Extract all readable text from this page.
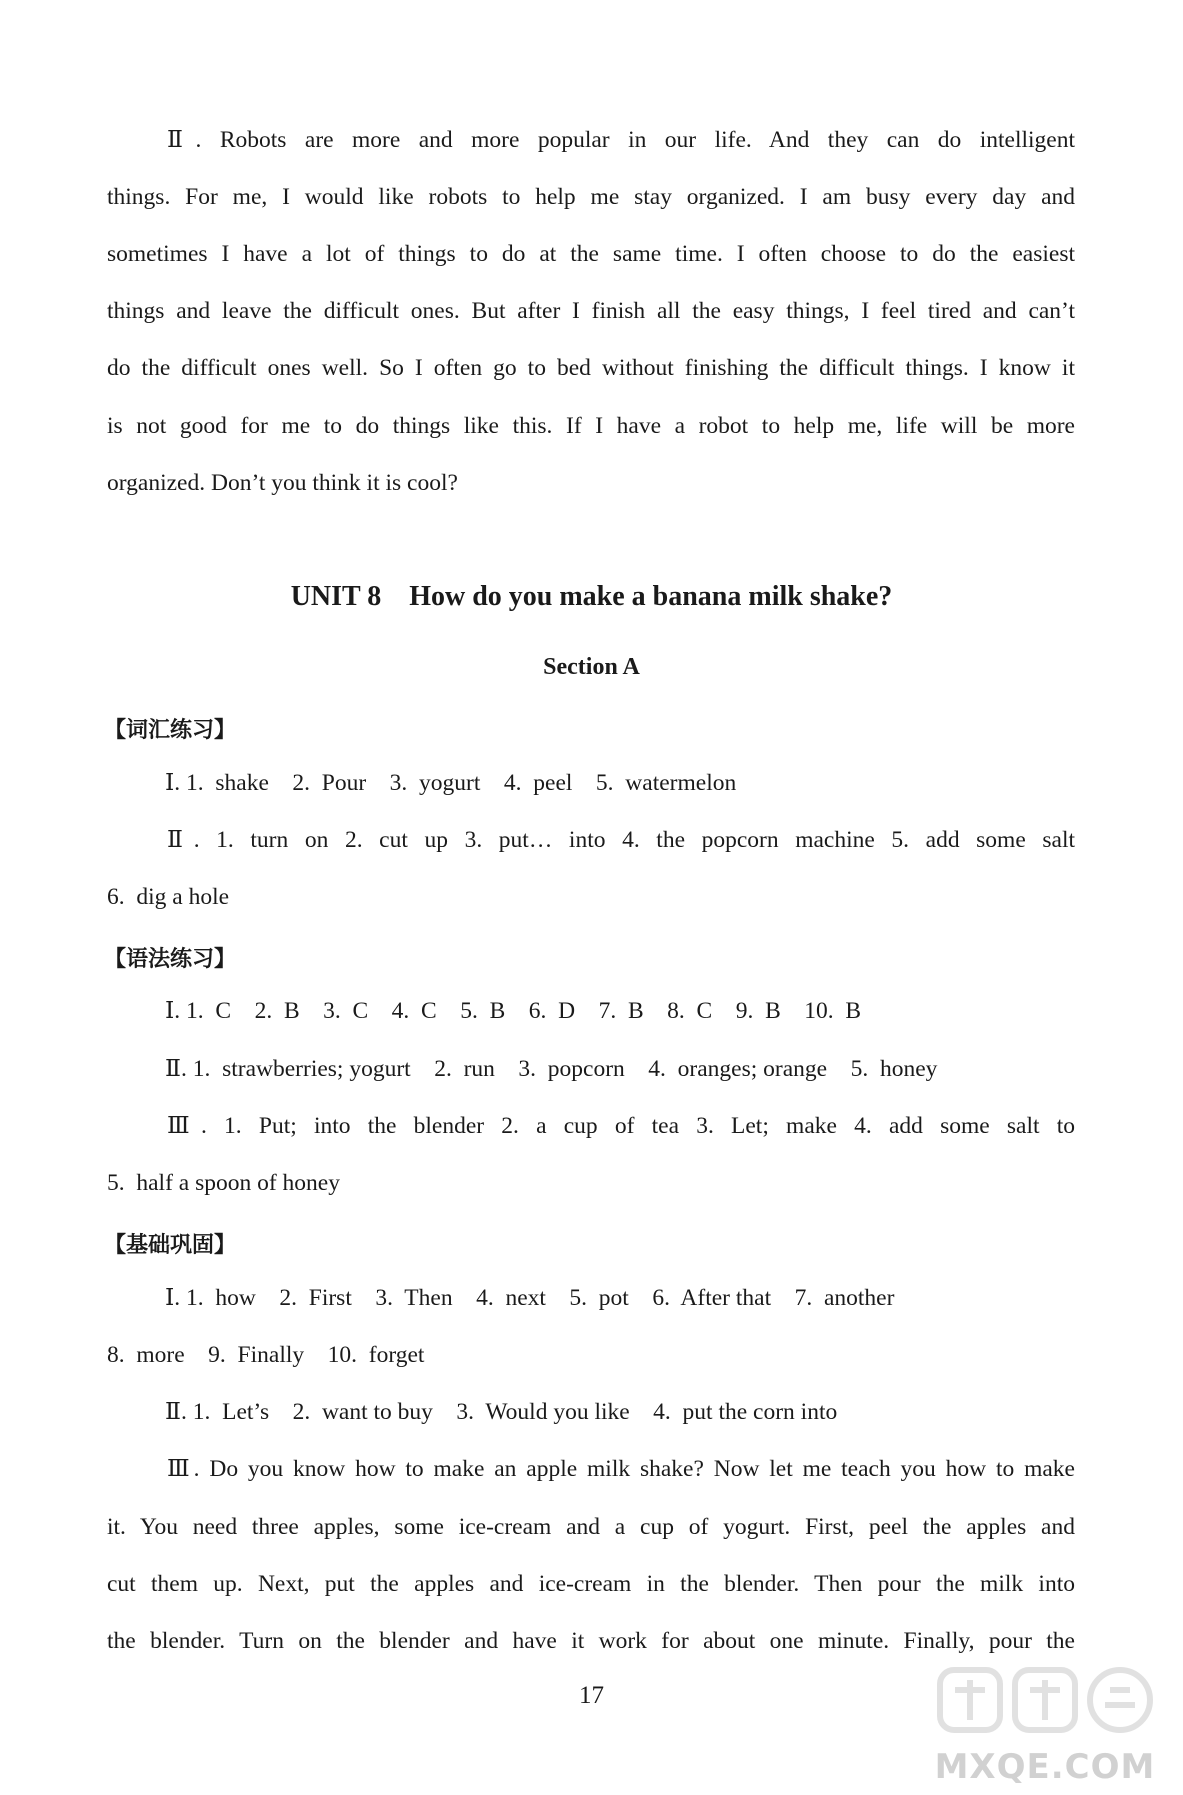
Ⅱ. Robots are more and more popular in our life. And they can do intelligent
things. For me, I would like robots to help me stay organized. I am busy every day and
sometimes I have a lot of things to do at the same time. I often choose to do the easiest
things and leave the difficult ones. But after I finish all the easy things, I feel tired and can’t
do the difficult ones well. So I often go to bed without finishing the difficult things. I know it
is not good for me to do things like this. If I have a robot to help me, life will be more
organized. Don’t you think it is cool?
UNIT 8    How do you make a banana milk shake?
Section A
【词汇练习】
Ⅰ. 1.  shake    2.  Pour    3.  yogurt    4.  peel    5.  watermelon
Ⅱ. 1. turn on 2. cut up 3. put… into 4. the popcorn machine 5. add some salt
6.  dig a hole
【语法练习】
Ⅰ. 1.  C    2.  B    3.  C    4.  C    5.  B    6.  D    7.  B    8.  C    9.  B    10.  B
Ⅱ. 1.  strawberries; yogurt    2.  run    3.  popcorn    4.  oranges; orange    5.  honey
Ⅲ. 1. Put; into the blender 2. a cup of tea 3. Let; make 4. add some salt to
5.  half a spoon of honey
【基础巩固】
Ⅰ. 1.  how    2.  First    3.  Then    4.  next    5.  pot    6.  After that    7.  another
8.  more    9.  Finally    10.  forget
Ⅱ. 1.  Let’s    2.  want to buy    3.  Would you like    4.  put the corn into
Ⅲ. Do you know how to make an apple milk shake? Now let me teach you how to make
it. You need three apples, some ice-cream and a cup of yogurt. First, peel the apples and
cut them up. Next, put the apples and ice-cream in the blender. Then pour the milk into
the blender. Turn on the blender and have it work for about one minute. Finally, pour the
17
MXQE.COM
